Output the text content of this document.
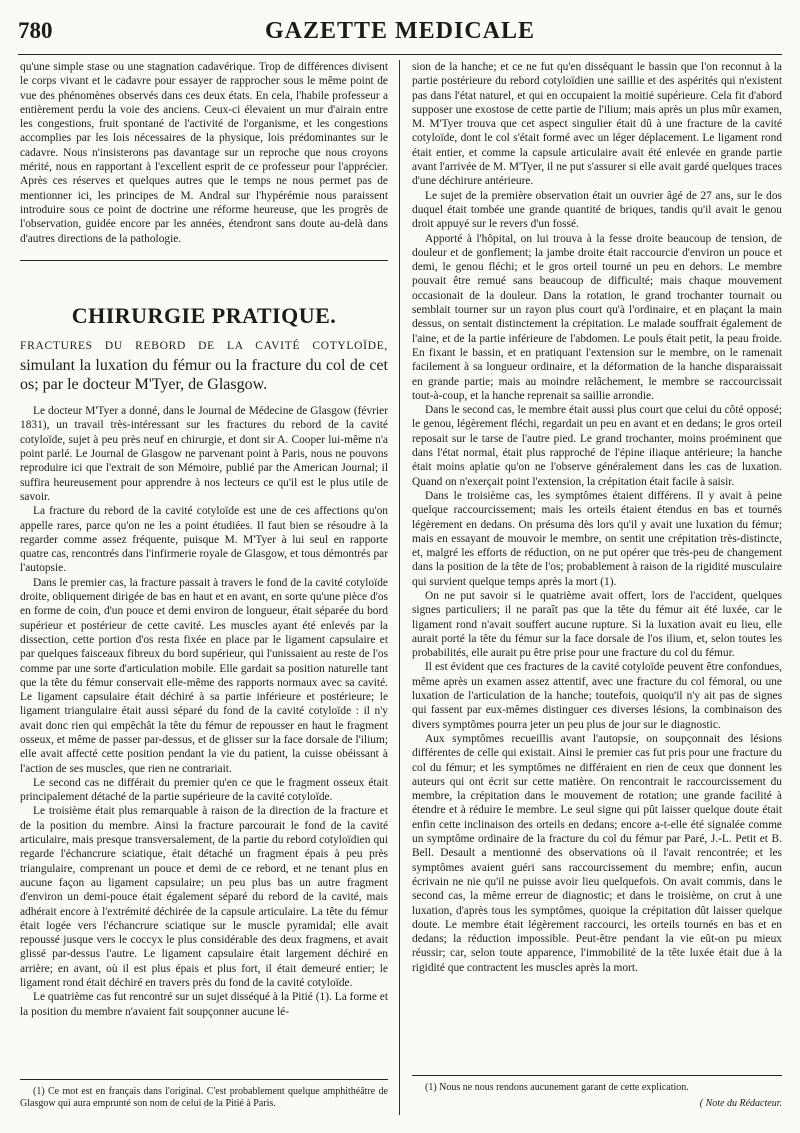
780	GAZETTE MEDICALE

qu'une simple stase ou une stagnation cadavérique. Trop de différences divisent le corps vivant et le cadavre pour essayer de rapprocher sous le même point de vue des phénomènes observés dans ces deux états. En cela, l'habile professeur a entièrement perdu la voie des anciens. Ceux-ci élevaient un mur d'airain entre les congestions, fruit spontané de l'activité de l'organisme, et les congestions accomplies par les lois nécessaires de la physique, lois prédominantes sur le cadavre. Nous n'insisterons pas davantage sur un reproche que nous croyons mérité, nous en rapportant à l'excellent esprit de ce professeur pour l'apprécier. Après ces réserves et quelques autres que le temps ne nous permet pas de mentionner ici, les principes de M. Andral sur l'hypérémie nous paraissent introduire sous ce point de doctrine une réforme heureuse, que les progrès de l'observation, guidée encore par les années, étendront sans doute au-delà dans d'autres directions de la pathologie.

CHIRURGIE PRATIQUE.
FRACTURES DU REBORD DE LA CAVITÉ COTYLOÏDE, simulant la luxation du fémur ou la fracture du col de cet os; par le docteur M'Tyer, de Glasgow.

Le docteur M'Tyer a donné, dans le Journal de Médecine de Glasgow (février 1831), un travail très-intéressant sur les fractures du rebord de la cavité cotyloïde, sujet à peu près neuf en chirurgie, et dont sir A. Cooper lui-même n'a point parlé. Le Journal de Glasgow ne parvenant point à Paris, nous ne pouvons reproduire ici que l'extrait de son Mémoire, publié par the American Journal; il suffira heureusement pour apprendre à nos lecteurs ce qu'il est le plus utile de savoir.

La fracture du rebord de la cavité cotyloïde est une de ces affections qu'on appelle rares, parce qu'on ne les a point étudiées. Il faut bien se résoudre à la regarder comme assez fréquente, puisque M. M'Tyer à lui seul en rapporte quatre cas, rencontrés dans l'infirmerie royale de Glasgow, et tous démontrés par l'autopsie.

Dans le premier cas, la fracture passait à travers le fond de la cavité cotyloïde droite, obliquement dirigée de bas en haut et en avant, en sorte qu'une pièce d'os en forme de coin, d'un pouce et demi environ de longueur, était séparée du bord supérieur et postérieur de cette cavité. Les muscles ayant été enlevés par la dissection, cette portion d'os resta fixée en place par le ligament capsulaire et par quelques faisceaux fibreux du bord supérieur, qui l'unissaient au reste de l'os comme par une sorte d'articulation mobile. Elle gardait sa position naturelle tant que la tête du fémur conservait elle-même des rapports normaux avec sa cavité. Le ligament capsulaire était déchiré à sa partie inférieure et postérieure; le ligament triangulaire était aussi séparé du fond de la cavité cotyloïde : il n'y avait donc rien qui empêchât la tête du fémur de repousser en haut le fragment osseux, et même de passer par-dessus, et de glisser sur la face dorsale de l'ilium; elle avait affecté cette position pendant la vie du patient, la cuisse obéissant à l'action de ses muscles, que rien ne contrariait.

Le second cas ne différait du premier qu'en ce que le fragment osseux était principalement détaché de la partie supérieure de la cavité cotyloïde.

Le troisième était plus remarquable à raison de la direction de la fracture et de la position du membre. Ainsi la fracture parcourait le fond de la cavité articulaire, mais presque transversalement, de la partie du rebord cotyloïdien qui regarde l'échancrure sciatique, était détaché un fragment épais à peu près triangulaire, comprenant un pouce et demi de ce rebord, et ne tenant plus en aucune façon au ligament capsulaire; un peu plus bas un autre fragment d'environ un demi-pouce était également séparé du rebord de la cavité, mais adhérait encore à l'extrémité déchirée de la capsule articulaire. La tête du fémur était logée vers l'échancrure sciatique sur le muscle pyramidal; elle avait repoussé jusque vers le coccyx le plus considérable des deux fragmens, et avait glissé par-dessus l'autre. Le ligament capsulaire était largement déchiré en arrière; en avant, où il est plus épais et plus fort, il était demeuré entier; le ligament rond était déchiré en travers près du fond de la cavité cotyloïde.

Le quatrième cas fut rencontré sur un sujet disséqué à la Pitié (1). La forme et la position du membre n'avaient fait soupçonner aucune lé-

(1) Ce mot est en français dans l'original. C'est probablement quelque amphithéâtre de Glasgow qui aura emprunté son nom de celui de la Pitié à Paris.

sion de la hanche; et ce ne fut qu'en disséquant le bassin que l'on reconnut à la partie postérieure du rebord cotyloïdien une saillie et des aspérités qui n'existent pas dans l'état naturel, et qui en occupaient la moitié supérieure. Cela fit d'abord supposer une exostose de cette partie de l'ilium; mais après un plus mûr examen, M. M'Tyer trouva que cet aspect singulier était dû à une fracture de la cavité cotyloïde, dont le col s'était formé avec un léger déplacement. Le ligament rond était entier, et comme la capsule articulaire avait été enlevée en grande partie avant l'arrivée de M. M'Tyer, il ne put s'assurer si elle avait gardé quelques traces d'une déchirure antérieure.

Le sujet de la première observation était un ouvrier âgé de 27 ans, sur le dos duquel était tombée une grande quantité de briques, tandis qu'il avait le genou droit appuyé sur le revers d'un fossé.

Apporté à l'hôpital, on lui trouva à la fesse droite beaucoup de tension, de douleur et de gonflement; la jambe droite était raccourcie d'environ un pouce et demi, le genou fléchi; et le gros orteil tourné un peu en dehors. Le membre pouvait être remué sans beaucoup de difficulté; mais chaque mouvement occasionait de la douleur. Dans la rotation, le grand trochanter tournait ou semblait tourner sur un rayon plus court qu'à l'ordinaire, et en plaçant la main dessus, on sentait distinctement la crépitation. Le malade souffrait également de l'aine, et de la partie inférieure de l'abdomen. Le pouls était petit, la peau froide. En fixant le bassin, et en pratiquant l'extension sur le membre, on le ramenait facilement à sa longueur ordinaire, et la déformation de la hanche disparaissait en grande partie; mais au moindre relâchement, le membre se raccourcissait tout-à-coup, et la hanche reprenait sa saillie arrondie.

Dans le second cas, le membre était aussi plus court que celui du côté opposé; le genou, légèrement fléchi, regardait un peu en avant et en dedans; le gros orteil reposait sur le tarse de l'autre pied. Le grand trochanter, moins proéminent que dans l'état normal, était plus rapproché de l'épine iliaque antérieure; la hanche était moins aplatie qu'on ne l'observe généralement dans les cas de luxation. Quand on n'exerçait point l'extension, la crépitation était facile à saisir.

Dans le troisième cas, les symptômes étaient différens. Il y avait à peine quelque raccourcissement; mais les orteils étaient étendus en bas et tournés légèrement en dedans. On présuma dès lors qu'il y avait une luxation du fémur; mais en essayant de mouvoir le membre, on sentit une crépitation très-distincte, et, malgré les efforts de réduction, on ne put opérer que très-peu de changement dans la position de la tête de l'os; probablement à raison de la rigidité musculaire qui survient quelque temps après la mort (1).

On ne put savoir si le quatrième avait offert, lors de l'accident, quelques signes particuliers; il ne paraît pas que la tête du fémur ait été luxée, car le ligament rond n'avait souffert aucune rupture. Si la luxation avait eu lieu, elle aurait porté la tête du fémur sur la face dorsale de l'os ilium, et, selon toutes les probabilités, elle aurait pu être prise pour une fracture du col du fémur.

Il est évident que ces fractures de la cavité cotyloïde peuvent être confondues, même après un examen assez attentif, avec une fracture du col fémoral, ou une luxation de l'articulation de la hanche; toutefois, quoiqu'il n'y ait pas de signes qui fassent par eux-mêmes distinguer ces diverses lésions, la combinaison des divers symptômes pourra jeter un peu plus de jour sur le diagnostic.

Aux symptômes recueillis avant l'autopsie, on soupçonnait des lésions différentes de celle qui existait. Ainsi le premier cas fut pris pour une fracture du col du fémur; et les symptômes ne différaient en rien de ceux que donnent les auteurs qui ont écrit sur cette matière. On rencontrait le raccourcissement du membre, la crépitation dans le mouvement de rotation; une grande facilité à étendre et à réduire le membre. Le seul signe qui pût laisser quelque doute était enfin cette inclinaison des orteils en dedans; encore a-t-elle été signalée comme un symptôme ordinaire de la fracture du col du fémur par Paré, J.-L. Petit et B. Bell. Desault a mentionné des observations où il l'avait rencontrée; et les symptômes avaient guéri sans raccourcissement du membre; enfin, aucun écrivain ne nie qu'il ne puisse avoir lieu quelquefois. On avait commis, dans le second cas, la même erreur de diagnostic; et dans le troisième, on crut à une luxation, d'après tous les symptômes, quoique la crépitation dût laisser quelque doute. Le membre était légèrement raccourci, les orteils tournés en bas et en dedans; la réduction impossible. Peut-être pendant la vie eût-on pu mieux réussir; car, selon toute apparence, l'immobilité de la tête luxée était due à la rigidité que contractent les muscles après la mort.

(1) Nous ne nous rendons aucunement garant de cette explication.

( Note du Rédacteur.
